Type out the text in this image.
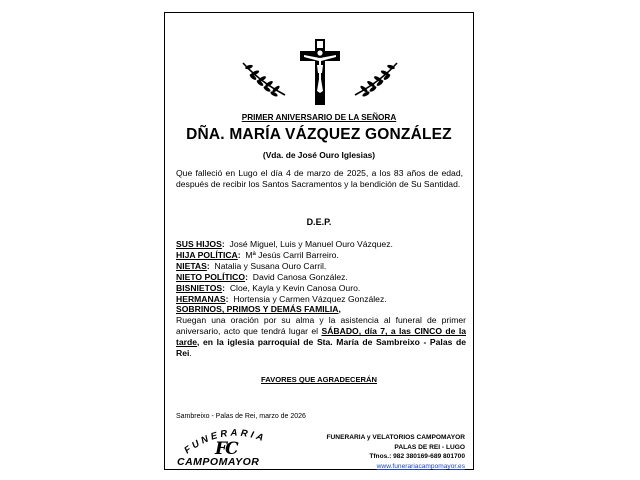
PRIMER ANIVERSARIO DE LA SEÑORA
DÑA. MARÍA VÁZQUEZ GONZÁLEZ
(Vda. de José Ouro Iglesias)
Que falleció en Lugo el día 4 de marzo de 2025, a los 83 años de edad, después de recibir los Santos Sacramentos y la bendición de Su Santidad.
D.E.P.
SUS HIJOS: José Miguel, Luis y Manuel Ouro Vázquez.
HIJA POLÍTICA: Mª Jesús Carril Barreiro.
NIETAS: Natalia y Susana Ouro Carril.
NIETO POLÍTICO: David Canosa González.
BISNIETOS: Cloe, Kayla y Kevin Canosa Ouro.
HERMANAS: Hortensia y Carmen Vázquez González.
SOBRINOS, PRIMOS Y DEMÁS FAMILIA,
Ruegan una oración por su alma y la asistencia al funeral de primer aniversario, acto que tendrá lugar el SÁBADO, día 7, a las CINCO de la tarde, en la iglesia parroquial de Sta. María de Sambreixo - Palas de Rei.
FAVORES QUE AGRADECERÁN
Sambreixo - Palas de Rei, marzo de 2026
FUNERARIA
FC
CAMPOMAYOR
FUNERARIA y VELATORIOS CAMPOMAYOR
PALAS DE REI - LUGO
Tfnos.: 982 380169-689 801700
www.funerariacampomayor.es
